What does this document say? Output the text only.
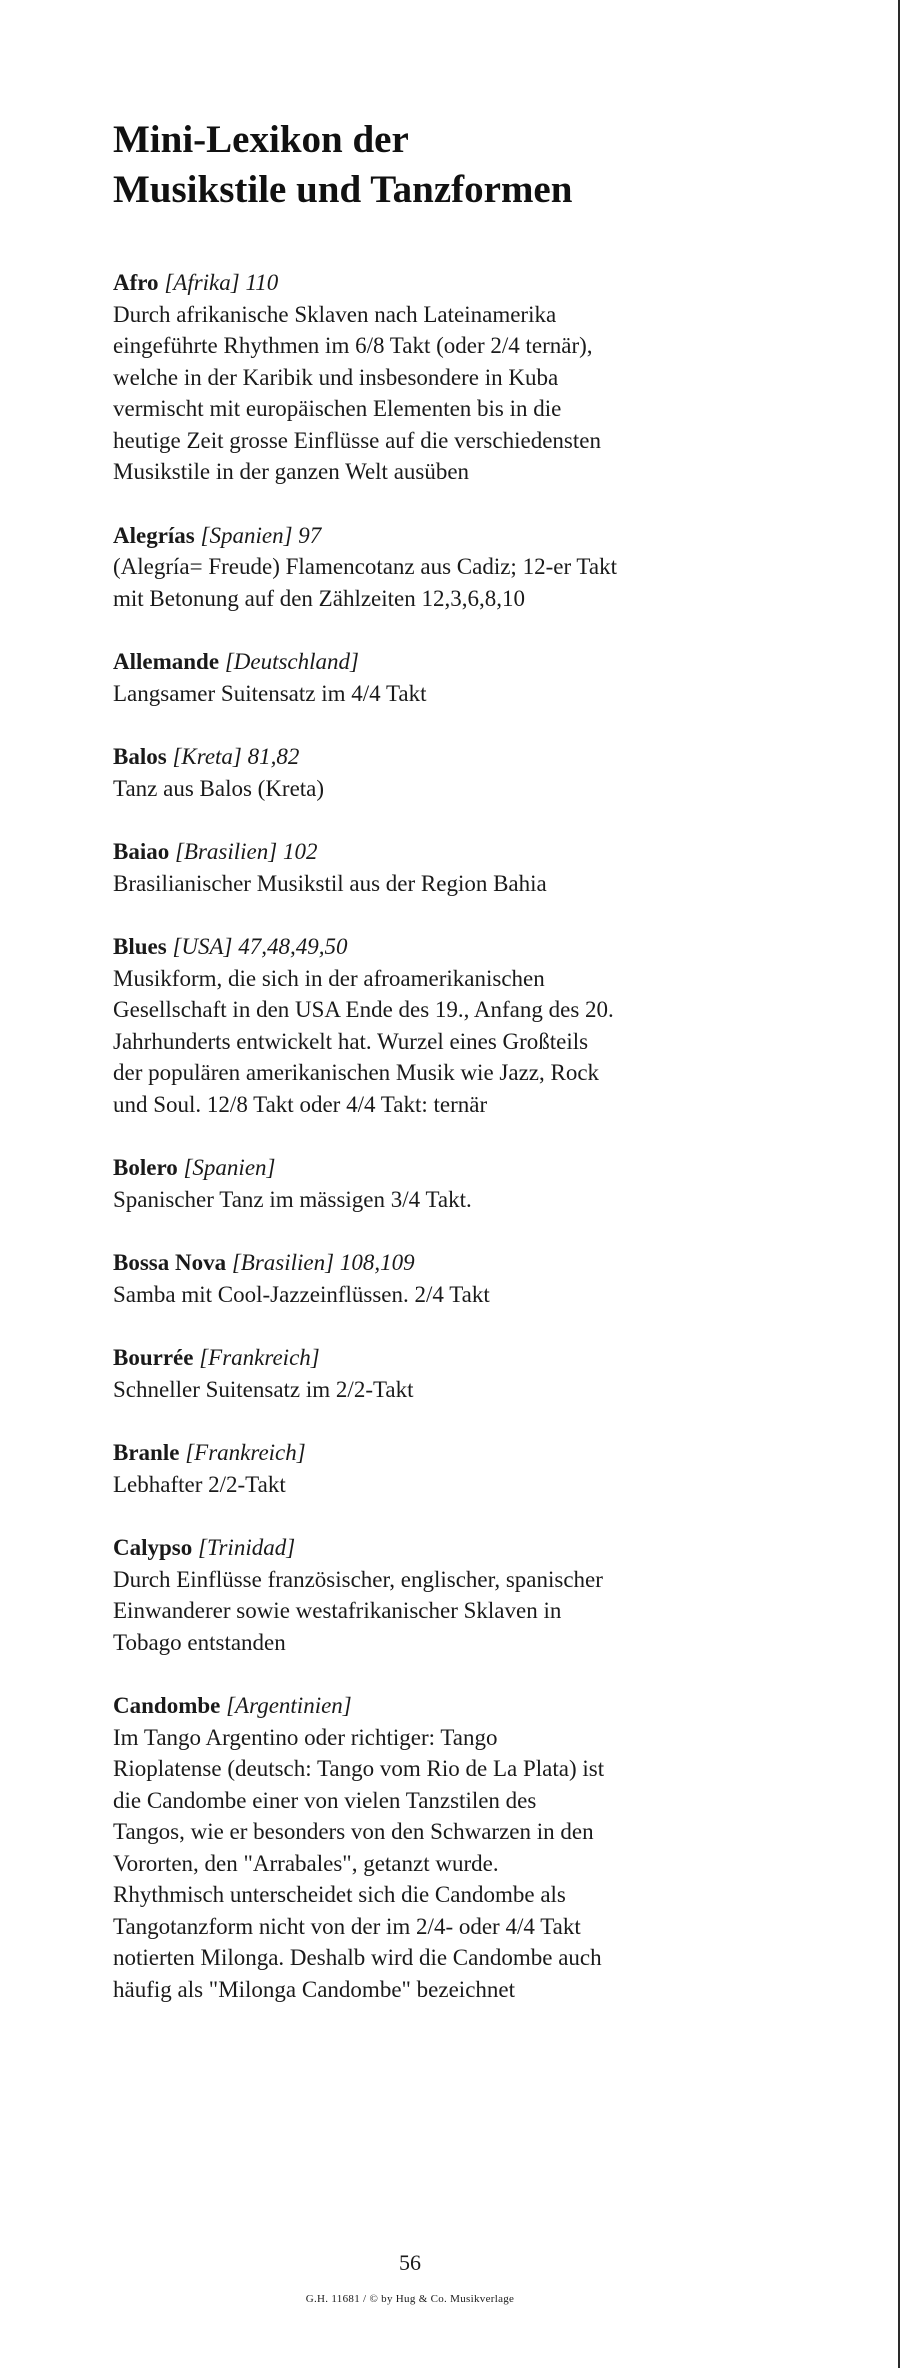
Mini-Lexikon der
Musikstile und Tanzformen
Afro [Afrika] 110
Durch afrikanische Sklaven nach Lateinamerika
eingeführte Rhythmen im 6/8 Takt (oder 2/4 ternär),
welche in der Karibik und insbesondere in Kuba
vermischt mit europäischen Elementen bis in die
heutige Zeit grosse Einflüsse auf die verschiedensten
Musikstile in der ganzen Welt ausüben
Alegrías [Spanien] 97
(Alegría= Freude) Flamencotanz aus Cadiz; 12-er Takt
mit Betonung auf den Zählzeiten 12,3,6,8,10
Allemande [Deutschland]
Langsamer Suitensatz im 4/4 Takt
Balos [Kreta] 81,82
Tanz aus Balos (Kreta)
Baiao [Brasilien] 102
Brasilianischer Musikstil aus der Region Bahia
Blues [USA] 47,48,49,50
Musikform, die sich in der afroamerikanischen
Gesellschaft in den USA Ende des 19., Anfang des 20.
Jahrhunderts entwickelt hat. Wurzel eines Großteils
der populären amerikanischen Musik wie Jazz, Rock
und Soul. 12/8 Takt oder 4/4 Takt: ternär
Bolero [Spanien]
Spanischer Tanz im mässigen 3/4 Takt.
Bossa Nova [Brasilien] 108,109
Samba mit Cool-Jazzeinflüssen. 2/4 Takt
Bourrée [Frankreich]
Schneller Suitensatz im 2/2-Takt
Branle [Frankreich]
Lebhafter 2/2-Takt
Calypso [Trinidad]
Durch Einflüsse französischer, englischer, spanischer
Einwanderer sowie westafrikanischer Sklaven in
Tobago entstanden
Candombe [Argentinien]
Im Tango Argentino oder richtiger: Tango
Rioplatense (deutsch: Tango vom Rio de La Plata) ist
die Candombe einer von vielen Tanzstilen des
Tangos, wie er besonders von den Schwarzen in den
Vororten, den "Arrabales", getanzt wurde.
Rhythmisch unterscheidet sich die Candombe als
Tangotanzform nicht von der im 2/4- oder 4/4 Takt
notierten Milonga. Deshalb wird die Candombe auch
häufig als "Milonga Candombe" bezeichnet
56
G.H. 11681 / © by Hug & Co. Musikverlage
